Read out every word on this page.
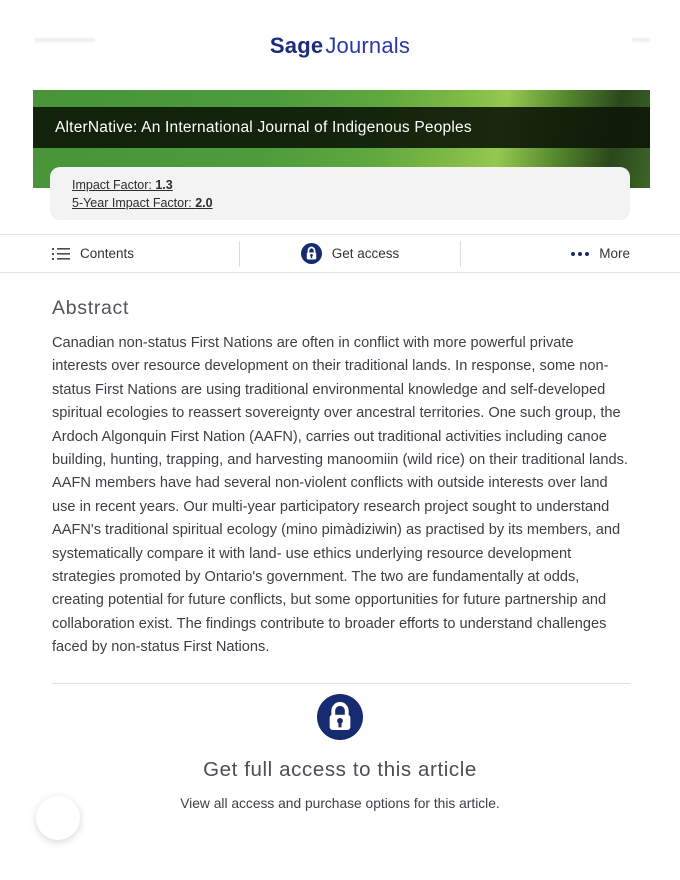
SageJournals
AlterNative: An International Journal of Indigenous Peoples
Impact Factor: 1.3
5-Year Impact Factor: 2.0
Contents	Get access	More
Abstract

Canadian non-status First Nations are often in conflict with more powerful private interests over resource development on their traditional lands. In response, some non-status First Nations are using traditional environmental knowledge and self-developed spiritual ecologies to reassert sovereignty over ancestral territories. One such group, the Ardoch Algonquin First Nation (AAFN), carries out traditional activities including canoe building, hunting, trapping, and harvesting manoomiin (wild rice) on their traditional lands. AAFN members have had several non-violent conflicts with outside interests over land use in recent years. Our multi-year participatory research project sought to understand AAFN's traditional spiritual ecology (mino pimàdiziwin) as practised by its members, and systematically compare it with land- use ethics underlying resource development strategies promoted by Ontario's government. The two are fundamentally at odds, creating potential for future conflicts, but some opportunities for future partnership and collaboration exist. The findings contribute to broader efforts to understand challenges faced by non-status First Nations.

Get full access to this article
View all access and purchase options for this article.
